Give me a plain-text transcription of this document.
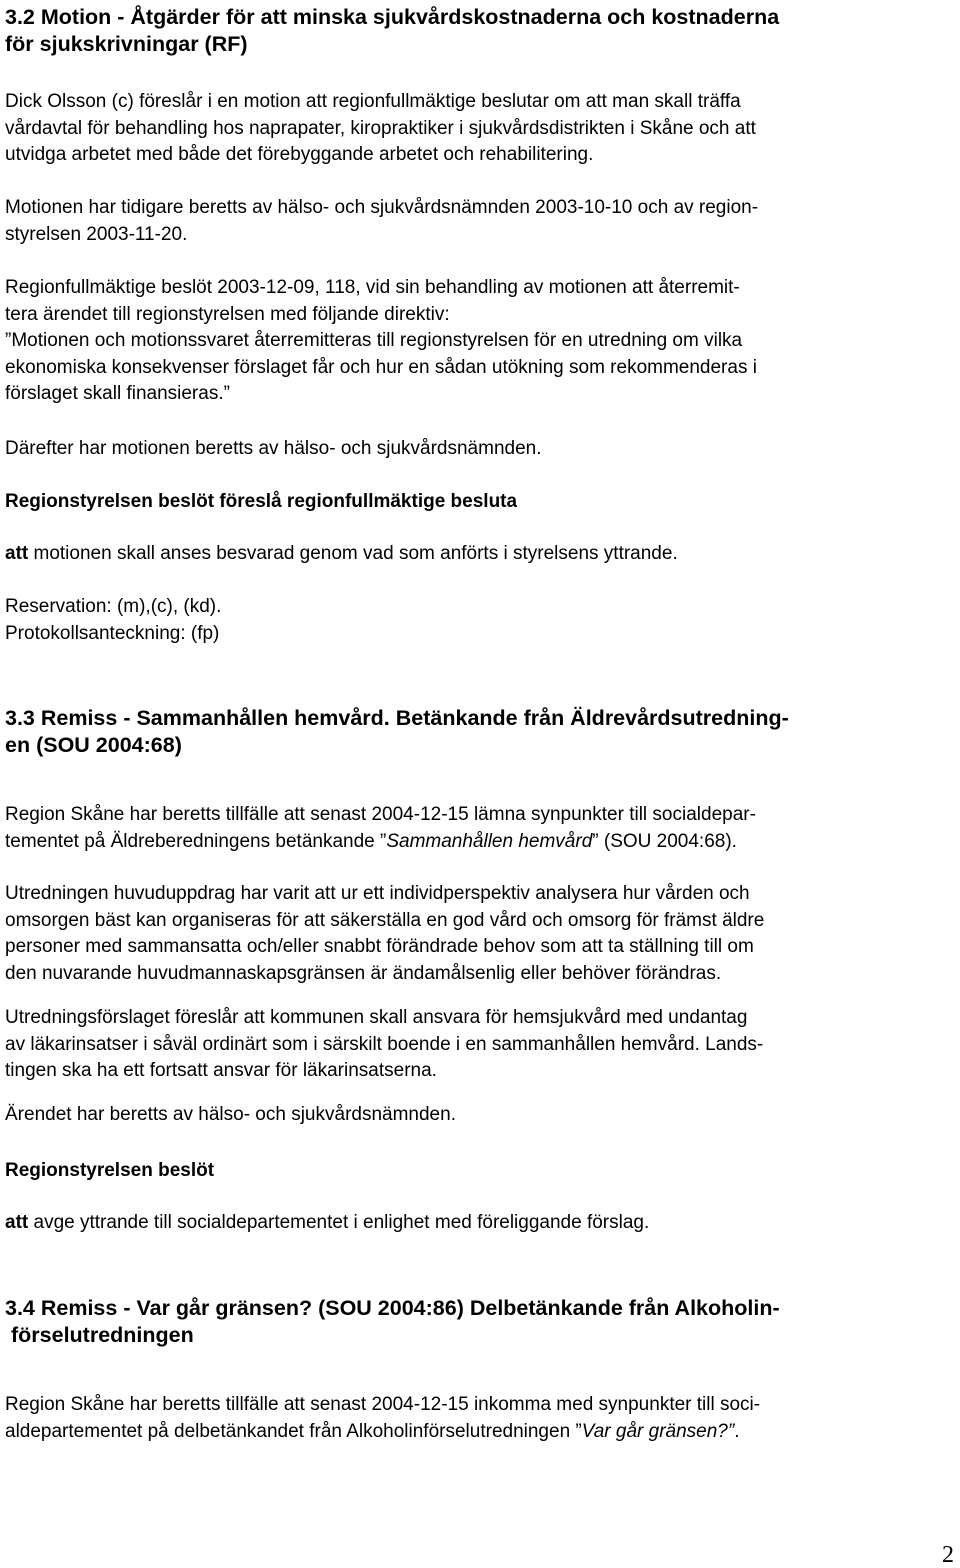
3.2 Motion - Åtgärder för att minska sjukvårdskostnaderna och kostnaderna

för sjukskrivningar (RF)

Dick Olsson (c) föreslår i en motion att regionfullmäktige beslutar om att man skall träffa

vårdavtal för behandling hos naprapater, kiropraktiker i sjukvårdsdistrikten i Skåne och att

utvidga arbetet med både det förebyggande arbetet och rehabilitering.

Motionen har tidigare beretts av hälso- och sjukvårdsnämnden 2003-10-10 och av region-

styrelsen 2003-11-20.

Regionfullmäktige beslöt 2003-12-09, 118, vid sin behandling av motionen att återremit-

tera ärendet till regionstyrelsen med följande direktiv:

”Motionen och motionssvaret återremitteras till regionstyrelsen för en utredning om vilka

ekonomiska konsekvenser förslaget får och hur en sådan utökning som rekommenderas i

förslaget skall finansieras.”

Därefter har motionen beretts av hälso- och sjukvårdsnämnden.

Regionstyrelsen beslöt föreslå regionfullmäktige besluta

att motionen skall anses besvarad genom vad som anförts i styrelsens yttrande.

Reservation: (m),(c), (kd).

Protokollsanteckning: (fp)

3.3 Remiss - Sammanhållen hemvård. Betänkande från Äldrevårdsutredning-

en (SOU 2004:68)

Region Skåne har beretts tillfälle att senast 2004-12-15 lämna synpunkter till socialdepar-

tementet på Äldreberedningens betänkande ”Sammanhållen hemvård” (SOU 2004:68).

Utredningen huvuduppdrag har varit att ur ett individperspektiv analysera hur vården och

omsorgen bäst kan organiseras för att säkerställa en god vård och omsorg för främst äldre

personer med sammansatta och/eller snabbt förändrade behov som att ta ställning till om

den nuvarande huvudmannaskapsgränsen är ändamålsenlig eller behöver förändras.

Utredningsförslaget föreslår att kommunen skall ansvara för hemsjukvård med undantag

av läkarinsatser i såväl ordinärt som i särskilt boende i en sammanhållen hemvård. Lands-

tingen ska ha ett fortsatt ansvar för läkarinsatserna.

Ärendet har beretts av hälso- och sjukvårdsnämnden.

Regionstyrelsen beslöt

att avge yttrande till socialdepartementet i enlighet med föreliggande förslag.

3.4 Remiss - Var går gränsen? (SOU 2004:86) Delbetänkande från Alkoholin-

förselutredningen

Region Skåne har beretts tillfälle att senast 2004-12-15 inkomma med synpunkter till soci-

aldepartementet på delbetänkandet från Alkoholinförselutredningen ”Var går gränsen?”.

2
